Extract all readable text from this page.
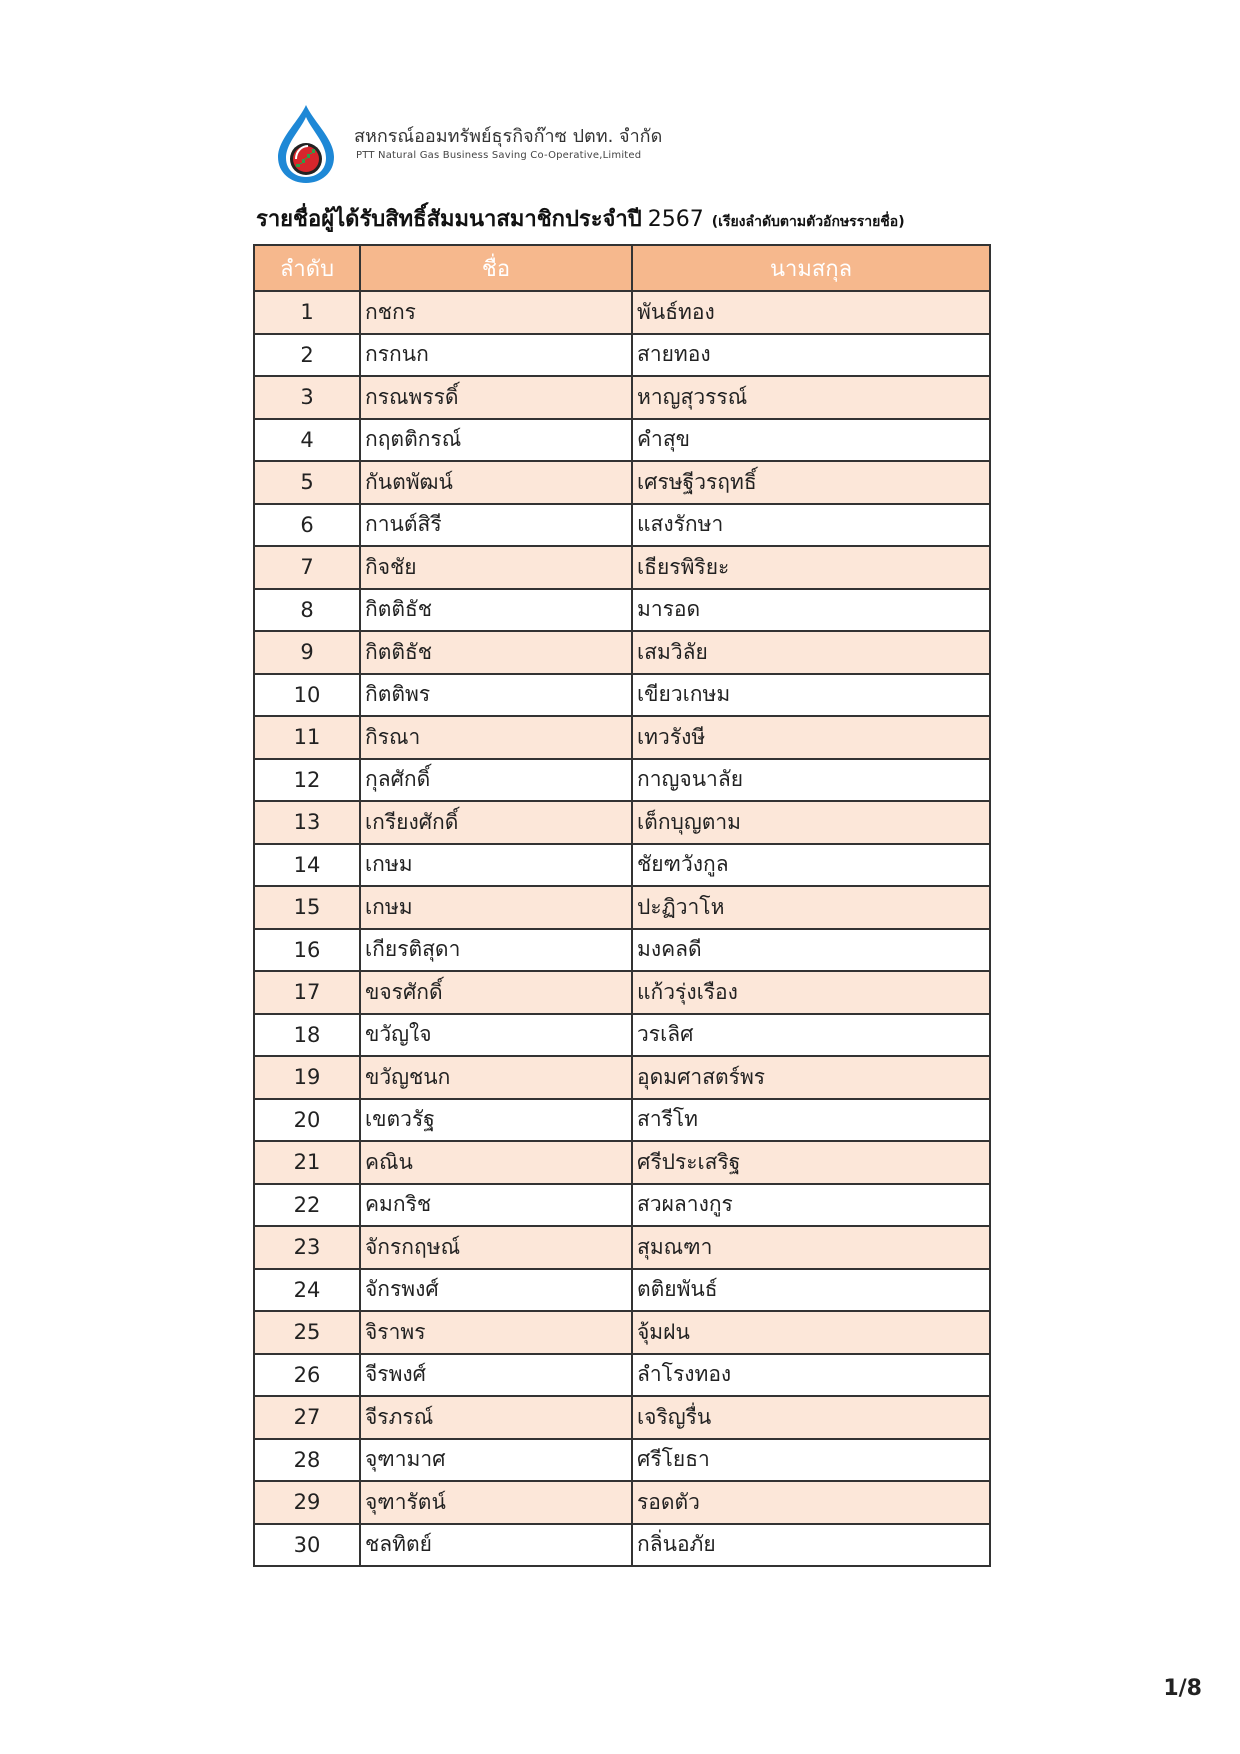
สหกรณ์ออมทรัพย์ธุรกิจก๊าซ ปตท. จำกัด
PTT Natural Gas Business Saving Co-Operative,Limited
รายชื่อผู้ได้รับสิทธิ์สัมมนาสมาชิกประจำปี 2567 (เรียงลำดับตามตัวอักษรรายชื่อ)
ลำดับ	ชื่อ	นามสกุล
1	กชกร	พันธ์ทอง
2	กรกนก	สายทอง
3	กรณพรรดิ์	หาญสุวรรณ์
4	กฤตติกรณ์	คำสุข
5	กันตพัฒน์	เศรษฐีวรฤทธิ์
6	กานต์สิรี	แสงรักษา
7	กิจชัย	เธียรพิริยะ
8	กิตติธัช	มารอด
9	กิตติธัช	เสมวิลัย
10	กิตติพร	เขียวเกษม
11	กิรณา	เทวรังษี
12	กุลศักดิ์	กาญจนาลัย
13	เกรียงศักดิ์	เต็กบุญตาม
14	เกษม	ชัยฑวังกูล
15	เกษม	ปะฏิวาโห
16	เกียรติสุดา	มงคลดี
17	ขจรศักดิ์	แก้วรุ่งเรือง
18	ขวัญใจ	วรเลิศ
19	ขวัญชนก	อุดมศาสตร์พร
20	เขตวรัฐ	สารีโท
21	คณิน	ศรีประเสริฐ
22	คมกริช	สวผลางกูร
23	จักรกฤษณ์	สุมณฑา
24	จักรพงศ์	ตติยพันธ์
25	จิราพร	จุ้มฝน
26	จีรพงศ์	ลำโรงทอง
27	จีรภรณ์	เจริญรื่น
28	จุฑามาศ	ศรีโยธา
29	จุฑารัตน์	รอดตัว
30	ชลทิตย์	กลิ่นอภัย
1/8
